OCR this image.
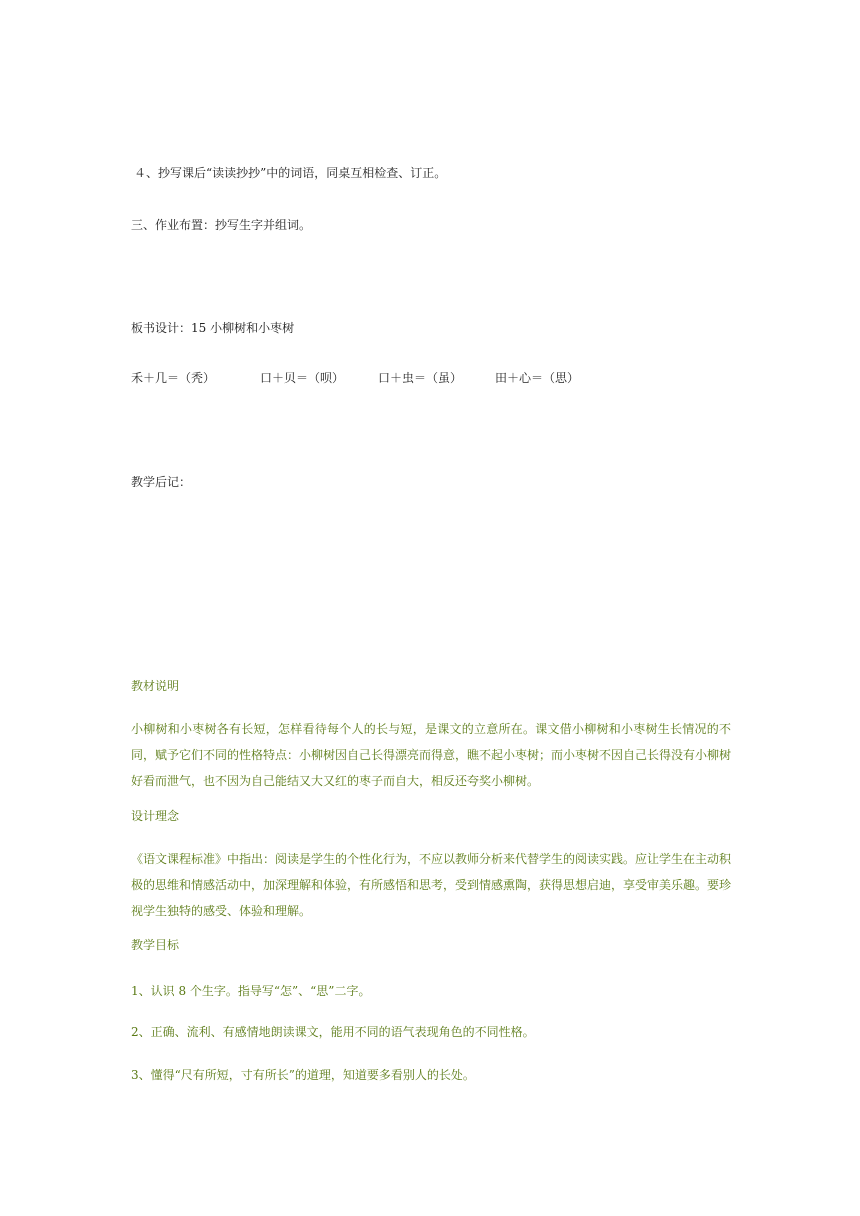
４、抄写课后“读读抄抄”中的词语，同桌互相检查、订正。
三、作业布置：抄写生字并组词。
板书设计：15 小柳树和小枣树
禾＋几＝（秃）	口＋贝＝（呗）	口＋虫＝（虽）	田＋心＝（思）
教学后记：
教材说明
小柳树和小枣树各有长短，怎样看待每个人的长与短，是课文的立意所在。课文借小柳树和小枣树生长情况的不同，赋予它们不同的性格特点：小柳树因自己长得漂亮而得意，瞧不起小枣树；而小枣树不因自己长得没有小柳树好看而泄气，也不因为自己能结又大又红的枣子而自大，相反还夸奖小柳树。
设计理念
《语文课程标准》中指出：阅读是学生的个性化行为，不应以教师分析来代替学生的阅读实践。应让学生在主动积极的思维和情感活动中，加深理解和体验，有所感悟和思考，受到情感熏陶，获得思想启迪，享受审美乐趣。要珍视学生独特的感受、体验和理解。
教学目标
1、认识 8 个生字。指导写“怎”、“思”二字。
2、正确、流利、有感情地朗读课文，能用不同的语气表现角色的不同性格。
3、懂得“尺有所短，寸有所长”的道理，知道要多看别人的长处。
